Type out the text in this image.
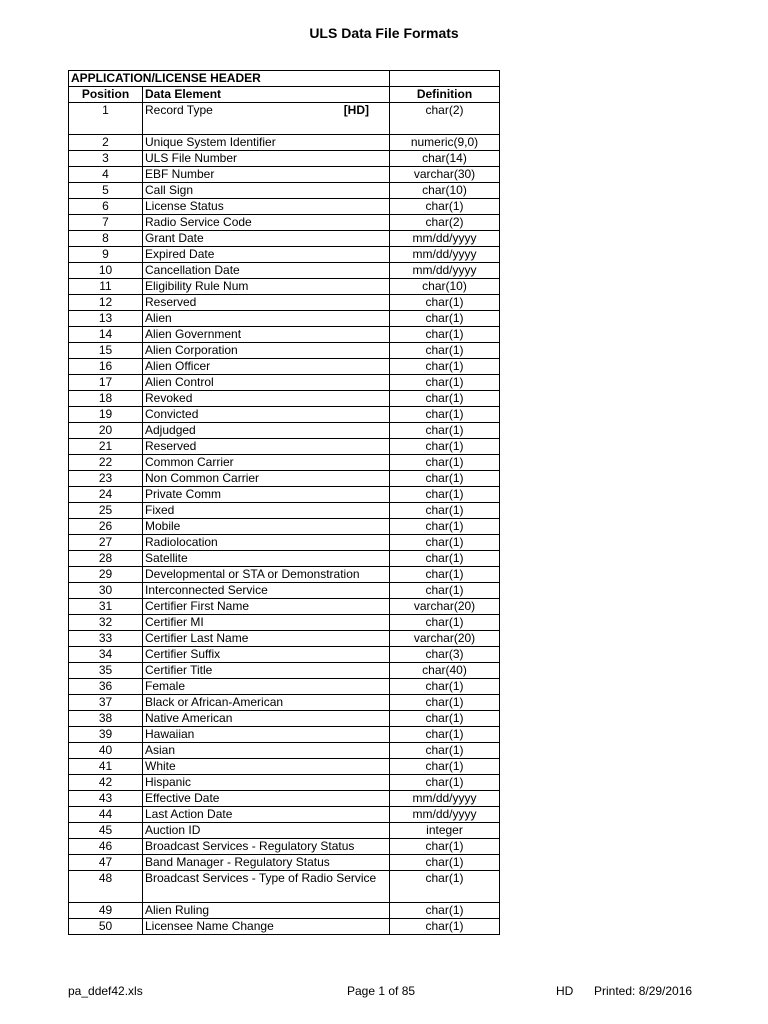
ULS Data File Formats
APPLICATION/LICENSE HEADER		
Position	Data Element	Definition
1	Record Type [HD]	char(2)
2	Unique System Identifier	numeric(9,0)
3	ULS File Number	char(14)
4	EBF Number	varchar(30)
5	Call Sign	char(10)
6	License Status	char(1)
7	Radio Service Code	char(2)
8	Grant Date	mm/dd/yyyy
9	Expired Date	mm/dd/yyyy
10	Cancellation Date	mm/dd/yyyy
11	Eligibility Rule Num	char(10)
12	Reserved	char(1)
13	Alien	char(1)
14	Alien Government	char(1)
15	Alien Corporation	char(1)
16	Alien Officer	char(1)
17	Alien Control	char(1)
18	Revoked	char(1)
19	Convicted	char(1)
20	Adjudged	char(1)
21	Reserved	char(1)
22	Common Carrier	char(1)
23	Non Common Carrier	char(1)
24	Private Comm	char(1)
25	Fixed	char(1)
26	Mobile	char(1)
27	Radiolocation	char(1)
28	Satellite	char(1)
29	Developmental or STA or Demonstration	char(1)
30	Interconnected Service	char(1)
31	Certifier First Name	varchar(20)
32	Certifier MI	char(1)
33	Certifier Last Name	varchar(20)
34	Certifier Suffix	char(3)
35	Certifier Title	char(40)
36	Female	char(1)
37	Black or African-American	char(1)
38	Native American	char(1)
39	Hawaiian	char(1)
40	Asian	char(1)
41	White	char(1)
42	Hispanic	char(1)
43	Effective Date	mm/dd/yyyy
44	Last Action Date	mm/dd/yyyy
45	Auction ID	integer
46	Broadcast Services - Regulatory Status	char(1)
47	Band Manager - Regulatory Status	char(1)
48	Broadcast Services - Type of Radio Service	char(1)
49	Alien Ruling	char(1)
50	Licensee Name Change	char(1)
pa_ddef42.xls	Page 1 of 85	HD Printed: 8/29/2016
